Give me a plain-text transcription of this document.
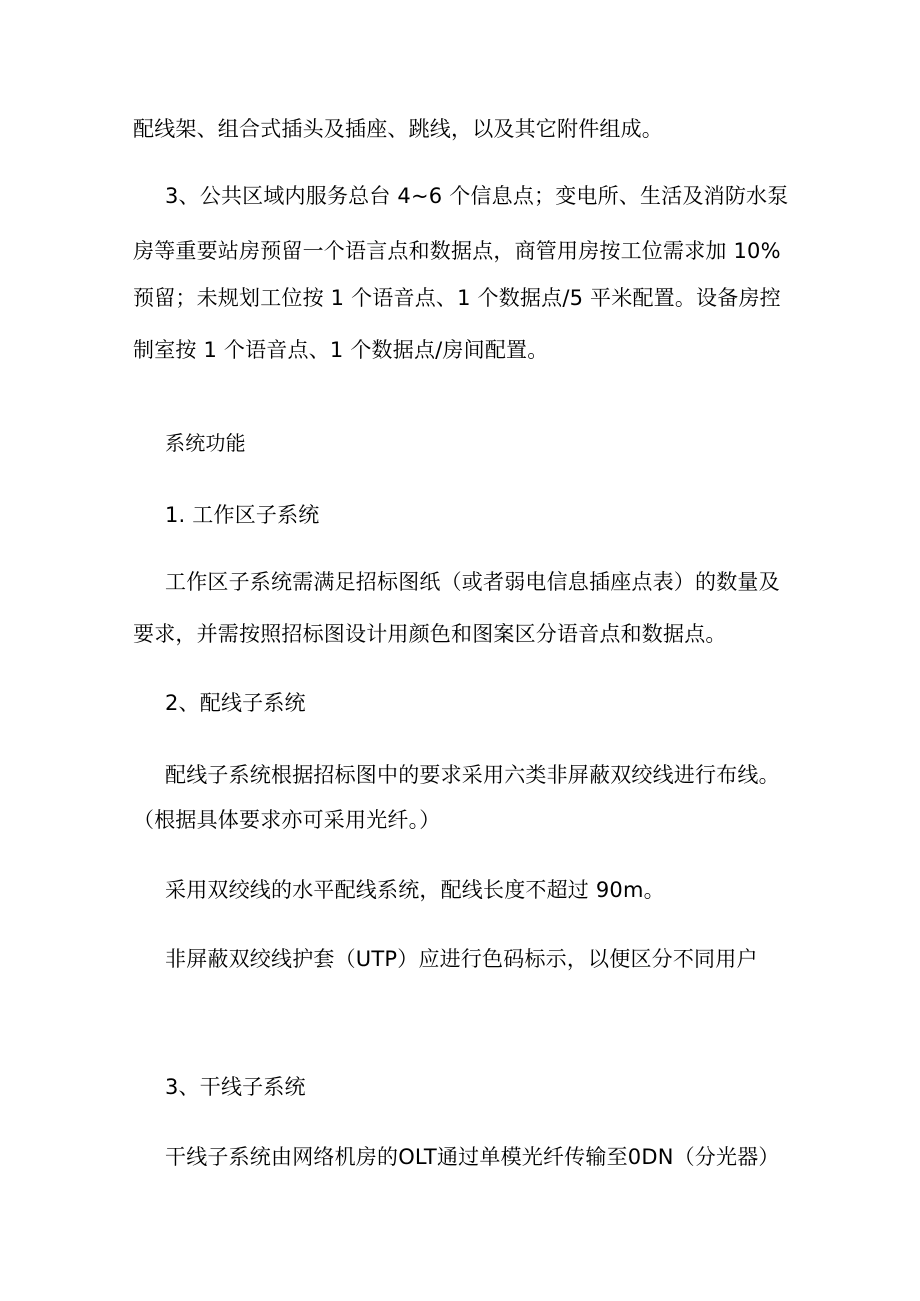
配线架、组合式插头及插座、跳线，以及其它附件组成。
3、公共区域内服务总台 4~6 个信息点；变电所、生活及消防水泵
房等重要站房预留一个语言点和数据点，商管用房按工位需求加 10%
预留；未规划工位按 1 个语音点、1 个数据点/5 平米配置。设备房控
制室按 1 个语音点、1 个数据点/房间配置。
系统功能
1. 工作区子系统
工作区子系统需满足招标图纸（或者弱电信息插座点表）的数量及
要求，并需按照招标图设计用颜色和图案区分语音点和数据点。
2、配线子系统
配线子系统根据招标图中的要求采用六类非屏蔽双绞线进行布线。
（根据具体要求亦可采用光纤。）
采用双绞线的水平配线系统，配线长度不超过 90m。
非屏蔽双绞线护套（UTP）应进行色码标示，以便区分不同用户
3、干线子系统
干线子系统由网络机房的OLT通过单模光纤传输至0DN（分光器）
